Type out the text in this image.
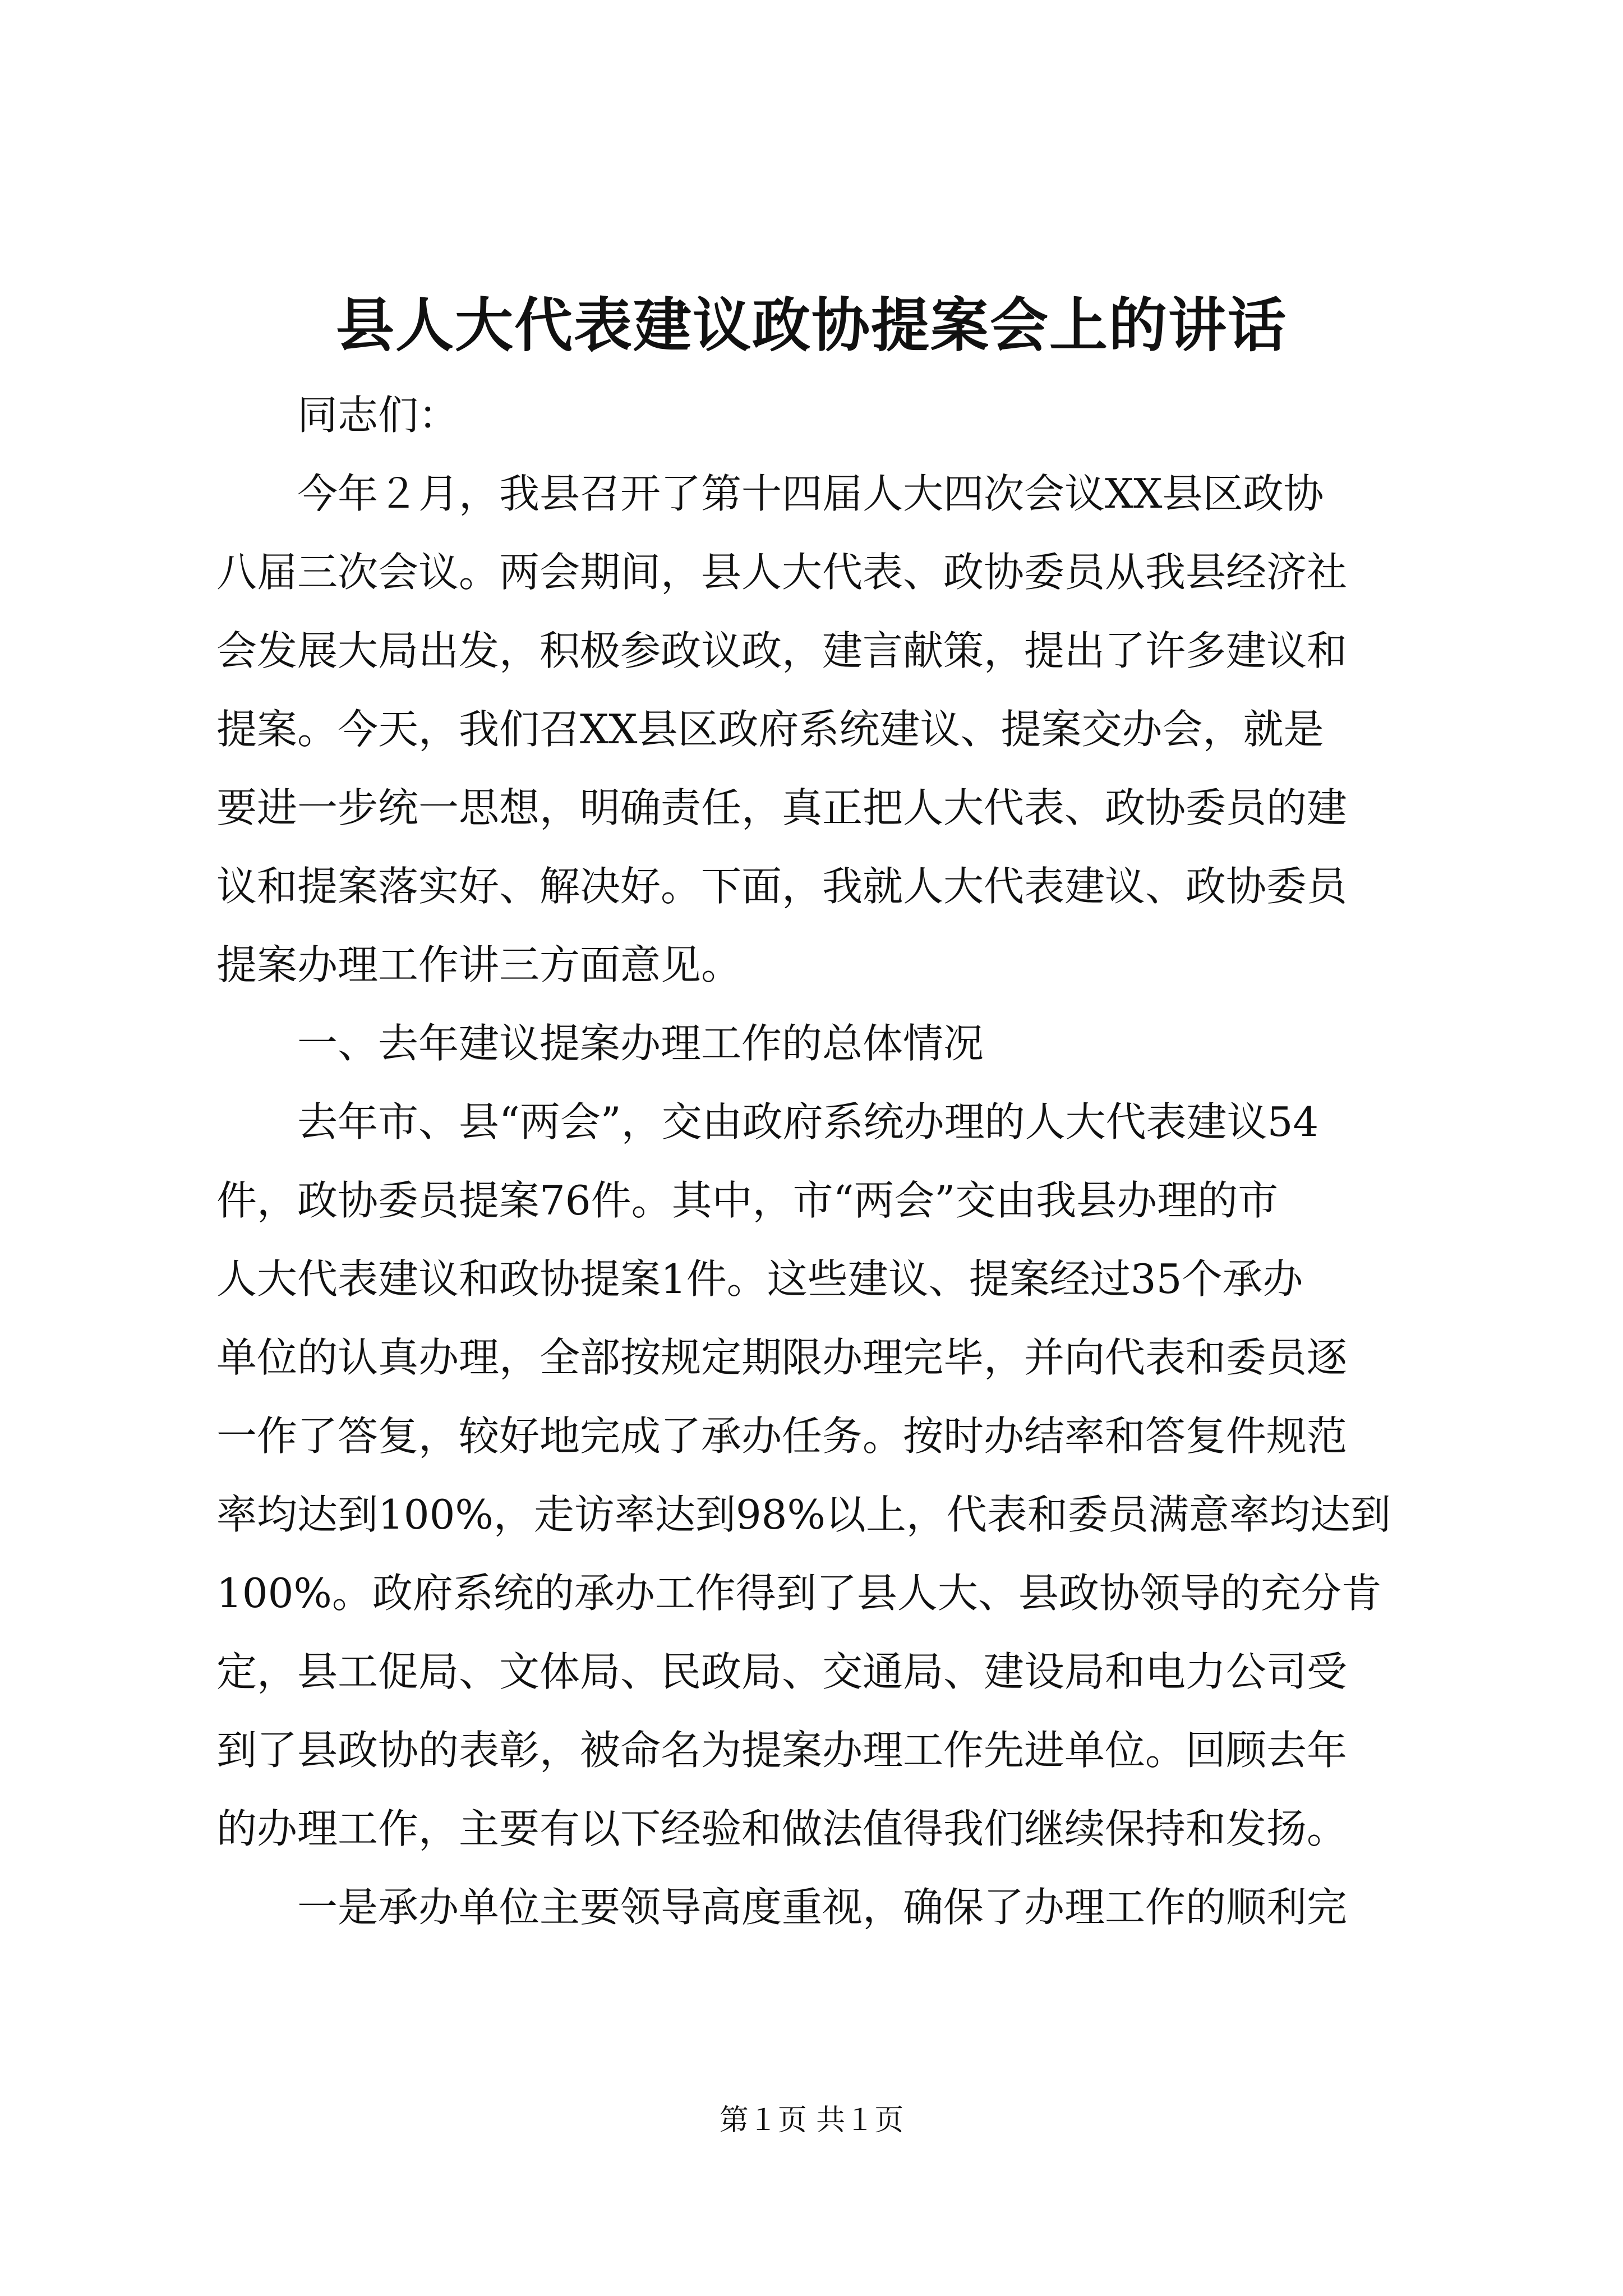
县人大代表建议政协提案会上的讲话
　　同志们：
　　今年２月，我县召开了第十四届人大四次会议XX县区政协
八届三次会议。两会期间，县人大代表、政协委员从我县经济社
会发展大局出发，积极参政议政，建言献策，提出了许多建议和
提案。今天，我们召XX县区政府系统建议、提案交办会，就是
要进一步统一思想，明确责任，真正把人大代表、政协委员的建
议和提案落实好、解决好。下面，我就人大代表建议、政协委员
提案办理工作讲三方面意见。
　　一、去年建议提案办理工作的总体情况
　　去年市、县“两会”，交由政府系统办理的人大代表建议54
件，政协委员提案76件。其中，市“两会”交由我县办理的市
人大代表建议和政协提案1件。这些建议、提案经过35个承办
单位的认真办理，全部按规定期限办理完毕，并向代表和委员逐
一作了答复，较好地完成了承办任务。按时办结率和答复件规范
率均达到100%，走访率达到98%以上，代表和委员满意率均达到
100%。政府系统的承办工作得到了县人大、县政协领导的充分肯
定，县工促局、文体局、民政局、交通局、建设局和电力公司受
到了县政协的表彰，被命名为提案办理工作先进单位。回顾去年
的办理工作，主要有以下经验和做法值得我们继续保持和发扬。
　　一是承办单位主要领导高度重视，确保了办理工作的顺利完
第１页 共１页
